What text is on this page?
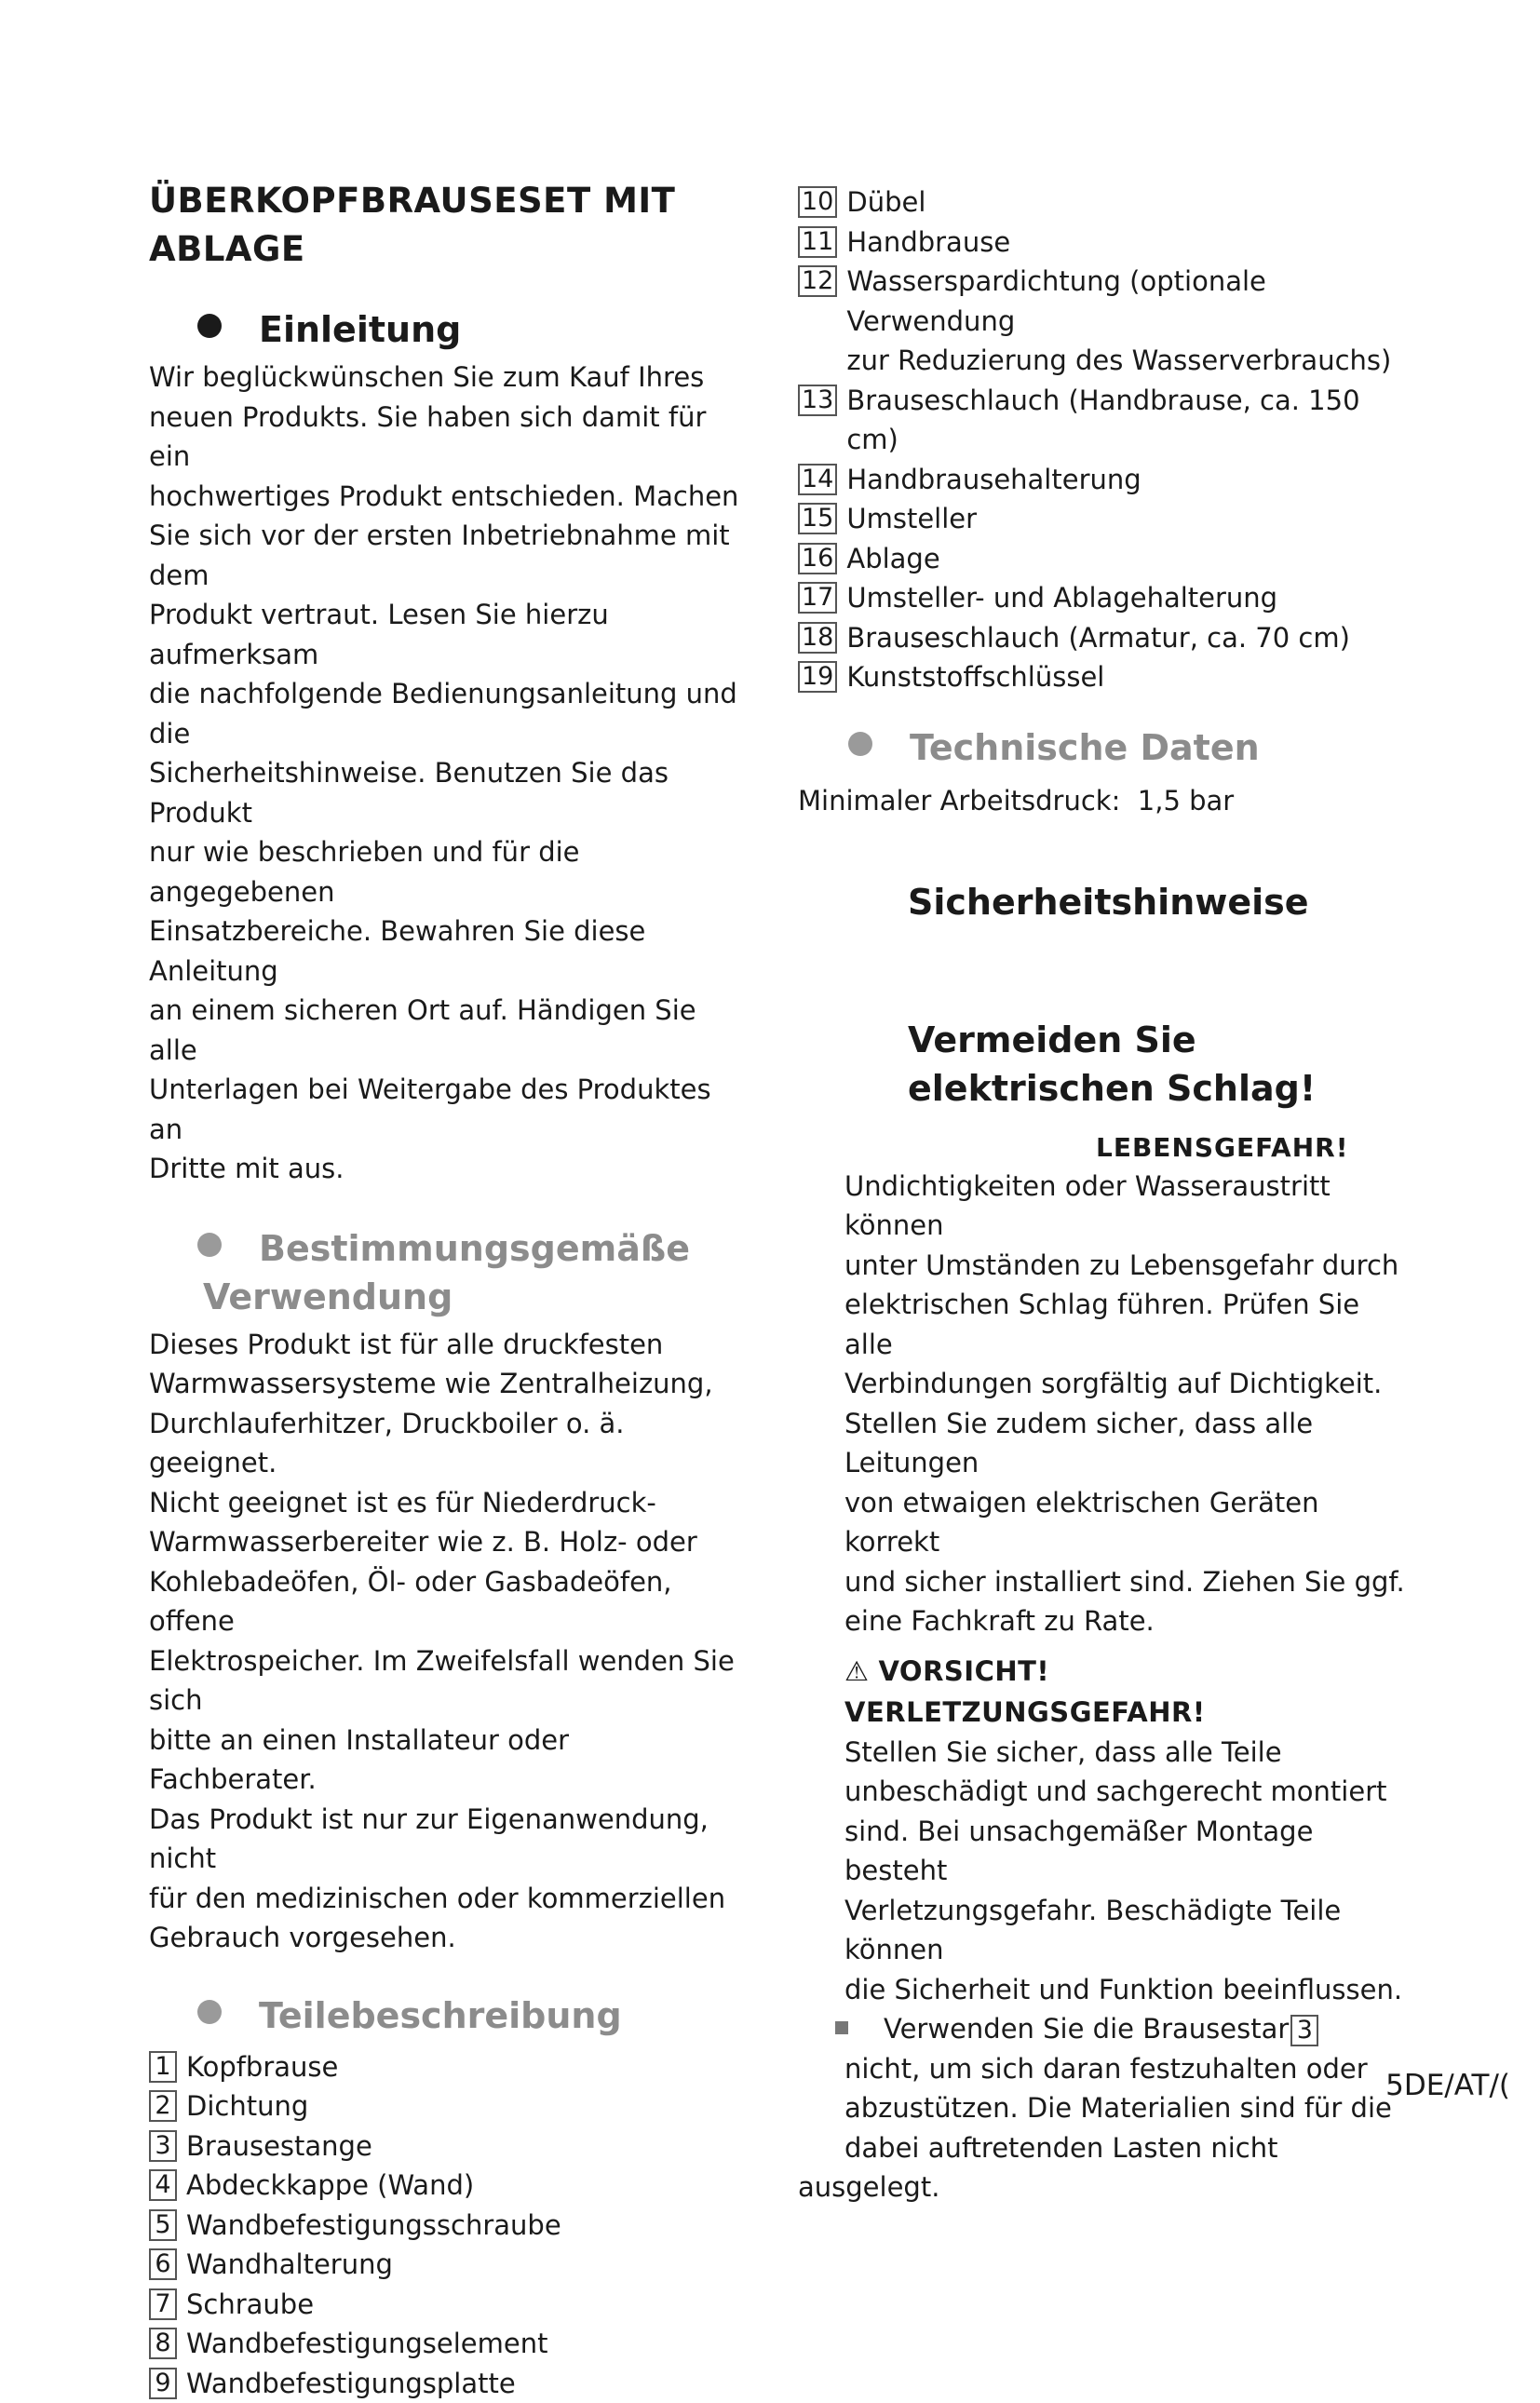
ÜBERKOPFBRAUSESET MIT
ABLAGE
Einleitung

Wir beglückwünschen Sie zum Kauf Ihres
neuen Produkts. Sie haben sich damit für ein
hochwertiges Produkt entschieden. Machen
Sie sich vor der ersten Inbetriebnahme mit dem
Produkt vertraut. Lesen Sie hierzu aufmerksam
die nachfolgende Bedienungsanleitung und die
Sicherheitshinweise. Benutzen Sie das Produkt
nur wie beschrieben und für die angegebenen
Einsatzbereiche. Bewahren Sie diese Anleitung
an einem sicheren Ort auf. Händigen Sie alle
Unterlagen bei Weitergabe des Produktes an
Dritte mit aus.

Bestimmungsgemäße
Verwendung

Dieses Produkt ist für alle druckfesten
Warmwassersysteme wie Zentralheizung,
Durchlauferhitzer, Druckboiler o. ä. geeignet.
Nicht geeignet ist es für Niederdruck-
Warmwasserbereiter wie z. B. Holz- oder
Kohlebadeöfen, Öl- oder Gasbadeöfen, offene
Elektrospeicher. Im Zweifelsfall wenden Sie sich
bitte an einen Installateur oder Fachberater.
Das Produkt ist nur zur Eigenanwendung, nicht
für den medizinischen oder kommerziellen
Gebrauch vorgesehen.

Teilebeschreibung
1 Kopfbrause
2 Dichtung
3 Brausestange
4 Abdeckkappe (Wand)
5 Wandbefestigungsschraube
6 Wandhalterung
7 Schraube
8 Wandbefestigungselement
9 Wandbefestigungsplatte
10 Dübel
11 Handbrause
12 Wasserspardichtung (optionale Verwendung
zur Reduzierung des Wasserverbrauchs)
13 Brauseschlauch (Handbrause, ca. 150 cm)
14 Handbrausehalterung
15 Umsteller
16 Ablage
17 Umsteller- und Ablagehalterung
18 Brauseschlauch (Armatur, ca. 70 cm)
19 Kunststoffschlüssel
Technische Daten

Minimaler Arbeitsdruck: 1,5 bar

Sicherheitshinweise
Vermeiden Sie
elektrischen Schlag!

LEBENSGEFAHR!

Undichtigkeiten oder Wasseraustritt können
unter Umständen zu Lebensgefahr durch
elektrischen Schlag führen. Prüfen Sie alle
Verbindungen sorgfältig auf Dichtigkeit.
Stellen Sie zudem sicher, dass alle Leitungen
von etwaigen elektrischen Geräten korrekt
und sicher installiert sind. Ziehen Sie ggf.
eine Fachkraft zu Rate.

⚠ VORSICHT! VERLETZUNGSGEFAHR!

Stellen Sie sicher, dass alle Teile
unbeschädigt und sachgerecht montiert
sind. Bei unsachgemäßer Montage besteht
Verletzungsgefahr. Beschädigte Teile können
die Sicherheit und Funktion beeinflussen.

Verwenden Sie die Brausestar 3
nicht, um sich daran festzuhalten oder
abzustützen. Die Materialien sind für die
dabei auftretenden Lasten nicht ausgelegt.

5DE/AT/(
